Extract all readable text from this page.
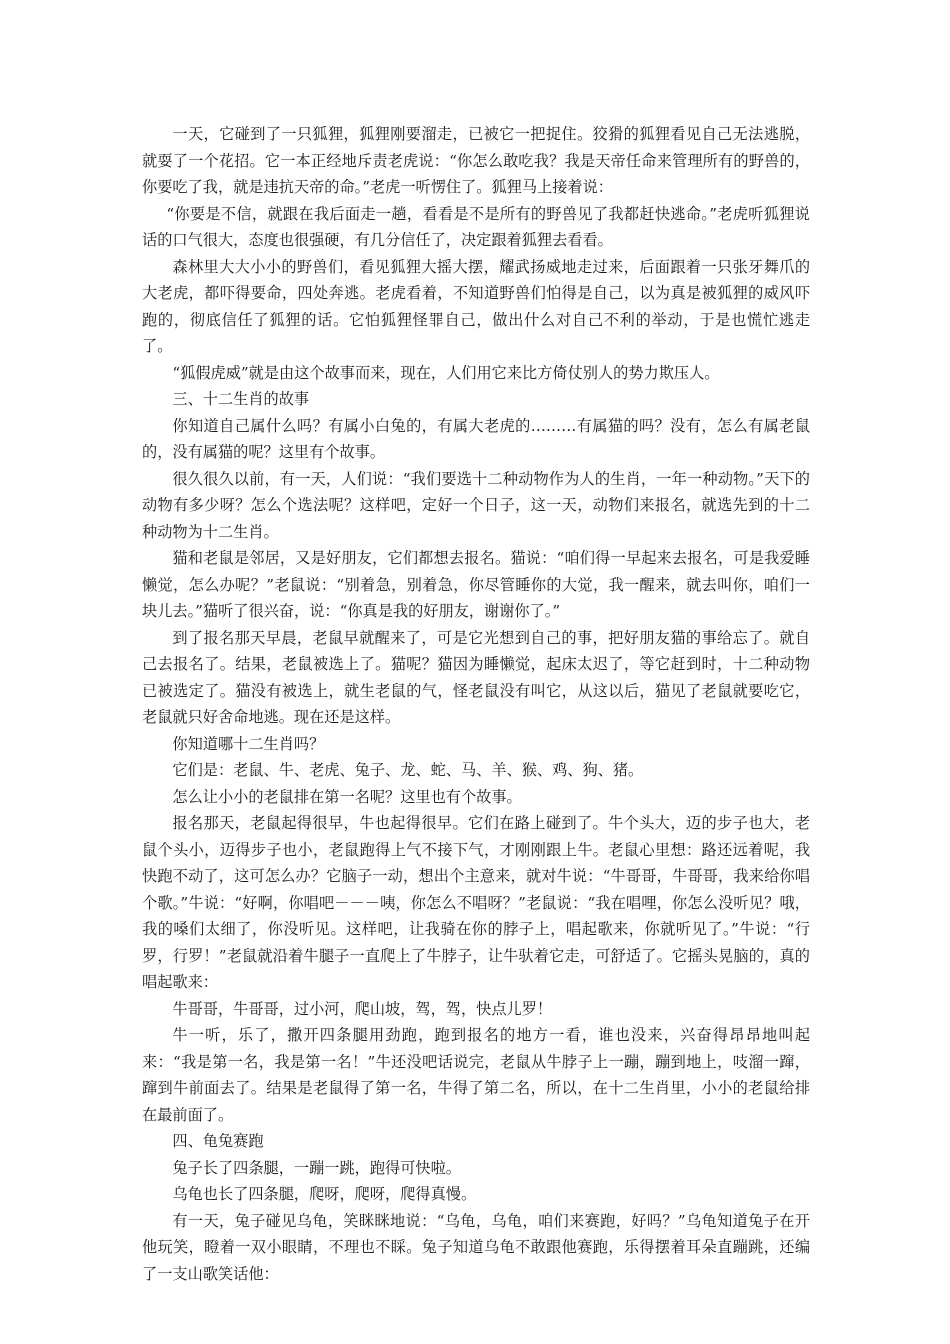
一天，它碰到了一只狐狸，狐狸刚要溜走，已被它一把捉住。狡猾的狐狸看见自己无法逃脱，就耍了一个花招。它一本正经地斥责老虎说：“你怎么敢吃我？我是天帝任命来管理所有的野兽的，你要吃了我，就是违抗天帝的命。”老虎一听愣住了。狐狸马上接着说：

“你要是不信，就跟在我后面走一趟，看看是不是所有的野兽见了我都赶快逃命。”老虎听狐狸说话的口气很大，态度也很强硬，有几分信任了，决定跟着狐狸去看看。

森林里大大小小的野兽们，看见狐狸大摇大摆，耀武扬威地走过来，后面跟着一只张牙舞爪的大老虎，都吓得要命，四处奔逃。老虎看着，不知道野兽们怕得是自己，以为真是被狐狸的威风吓跑的，彻底信任了狐狸的话。它怕狐狸怪罪自己，做出什么对自己不利的举动，于是也慌忙逃走了。

“狐假虎威”就是由这个故事而来，现在，人们用它来比方倚仗别人的势力欺压人。

三、十二生肖的故事

你知道自己属什么吗？有属小白兔的，有属大老虎的………有属猫的吗？没有，怎么有属老鼠的，没有属猫的呢？这里有个故事。

很久很久以前，有一天，人们说：“我们要选十二种动物作为人的生肖，一年一种动物。”天下的动物有多少呀？怎么个选法呢？这样吧，定好一个日子，这一天，动物们来报名，就选先到的十二种动物为十二生肖。

猫和老鼠是邻居，又是好朋友，它们都想去报名。猫说：“咱们得一早起来去报名，可是我爱睡懒觉，怎么办呢？”老鼠说：“别着急，别着急，你尽管睡你的大觉，我一醒来，就去叫你，咱们一块儿去。”猫听了很兴奋，说：“你真是我的好朋友，谢谢你了。”

到了报名那天早晨，老鼠早就醒来了，可是它光想到自己的事，把好朋友猫的事给忘了。就自己去报名了。结果，老鼠被选上了。猫呢？猫因为睡懒觉，起床太迟了，等它赶到时，十二种动物已被选定了。猫没有被选上，就生老鼠的气，怪老鼠没有叫它，从这以后，猫见了老鼠就要吃它，老鼠就只好舍命地逃。现在还是这样。

你知道哪十二生肖吗？

它们是：老鼠、牛、老虎、兔子、龙、蛇、马、羊、猴、鸡、狗、猪。

怎么让小小的老鼠排在第一名呢？这里也有个故事。

报名那天，老鼠起得很早，牛也起得很早。它们在路上碰到了。牛个头大，迈的步子也大，老鼠个头小，迈得步子也小，老鼠跑得上气不接下气，才刚刚跟上牛。老鼠心里想：路还远着呢，我快跑不动了，这可怎么办？它脑子一动，想出个主意来，就对牛说：“牛哥哥，牛哥哥，我来给你唱个歌。”牛说：“好啊，你唱吧－－－咦，你怎么不唱呀？”老鼠说：“我在唱哩，你怎么没听见？哦，我的嗓们太细了，你没听见。这样吧，让我骑在你的脖子上，唱起歌来，你就听见了。”牛说：“行罗，行罗！”老鼠就沿着牛腿子一直爬上了牛脖子，让牛驮着它走，可舒适了。它摇头晃脑的，真的唱起歌来：

牛哥哥，牛哥哥，过小河，爬山坡，驾，驾，快点儿罗！

牛一听，乐了，撒开四条腿用劲跑，跑到报名的地方一看，谁也没来，兴奋得昂昂地叫起来：“我是第一名，我是第一名！”牛还没吧话说完，老鼠从牛脖子上一蹦，蹦到地上，吱溜一蹿，蹿到牛前面去了。结果是老鼠得了第一名，牛得了第二名，所以，在十二生肖里，小小的老鼠给排在最前面了。

四、龟兔赛跑

兔子长了四条腿，一蹦一跳，跑得可快啦。

乌龟也长了四条腿，爬呀，爬呀，爬得真慢。

有一天，兔子碰见乌龟，笑眯眯地说：“乌龟，乌龟，咱们来赛跑，好吗？”乌龟知道兔子在开他玩笑，瞪着一双小眼睛，不理也不睬。兔子知道乌龟不敢跟他赛跑，乐得摆着耳朵直蹦跳，还编了一支山歌笑话他：
